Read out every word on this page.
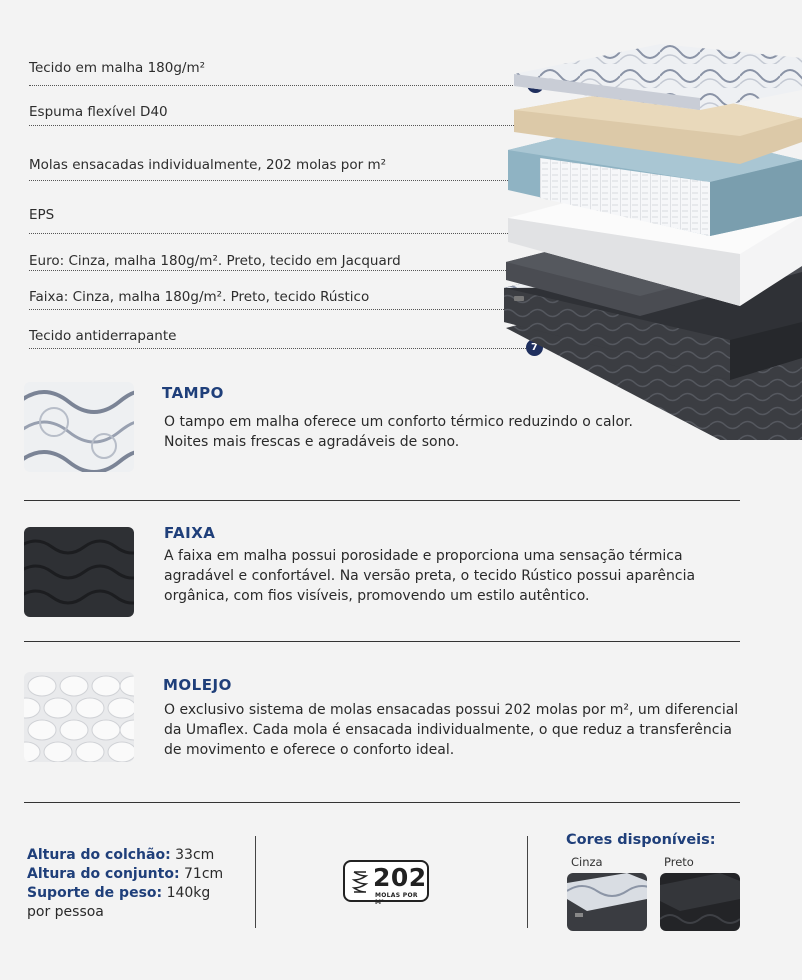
Tecido em malha 180g/m²
Espuma flexível D40
Molas ensacadas individualmente, 202 molas por m²
EPS
Euro: Cinza, malha 180g/m². Preto, tecido em Jacquard
Faixa: Cinza, malha 180g/m². Preto, tecido Rústico
Tecido antiderrapante
7
TAMPO
O tampo em malha oferece um conforto térmico reduzindo o calor. Noites mais frescas e agradáveis de sono.
FAIXA
A faixa em malha possui porosidade e proporciona uma sensação térmica agradável e confortável. Na versão preta, o tecido Rústico possui aparência orgânica, com fios visíveis, promovendo um estilo autêntico.
MOLEJO
O exclusivo sistema de molas ensacadas possui 202 molas por m², um diferencial da Umaflex. Cada mola é ensacada individualmente, o que reduz a transferência de movimento e oferece o conforto ideal.
Altura do colchão: 33cm
Altura do conjunto: 71cm
Suporte de peso: 140kg
por pessoa
202
MOLAS POR M²
Cores disponíveis:
Cinza	Preto
